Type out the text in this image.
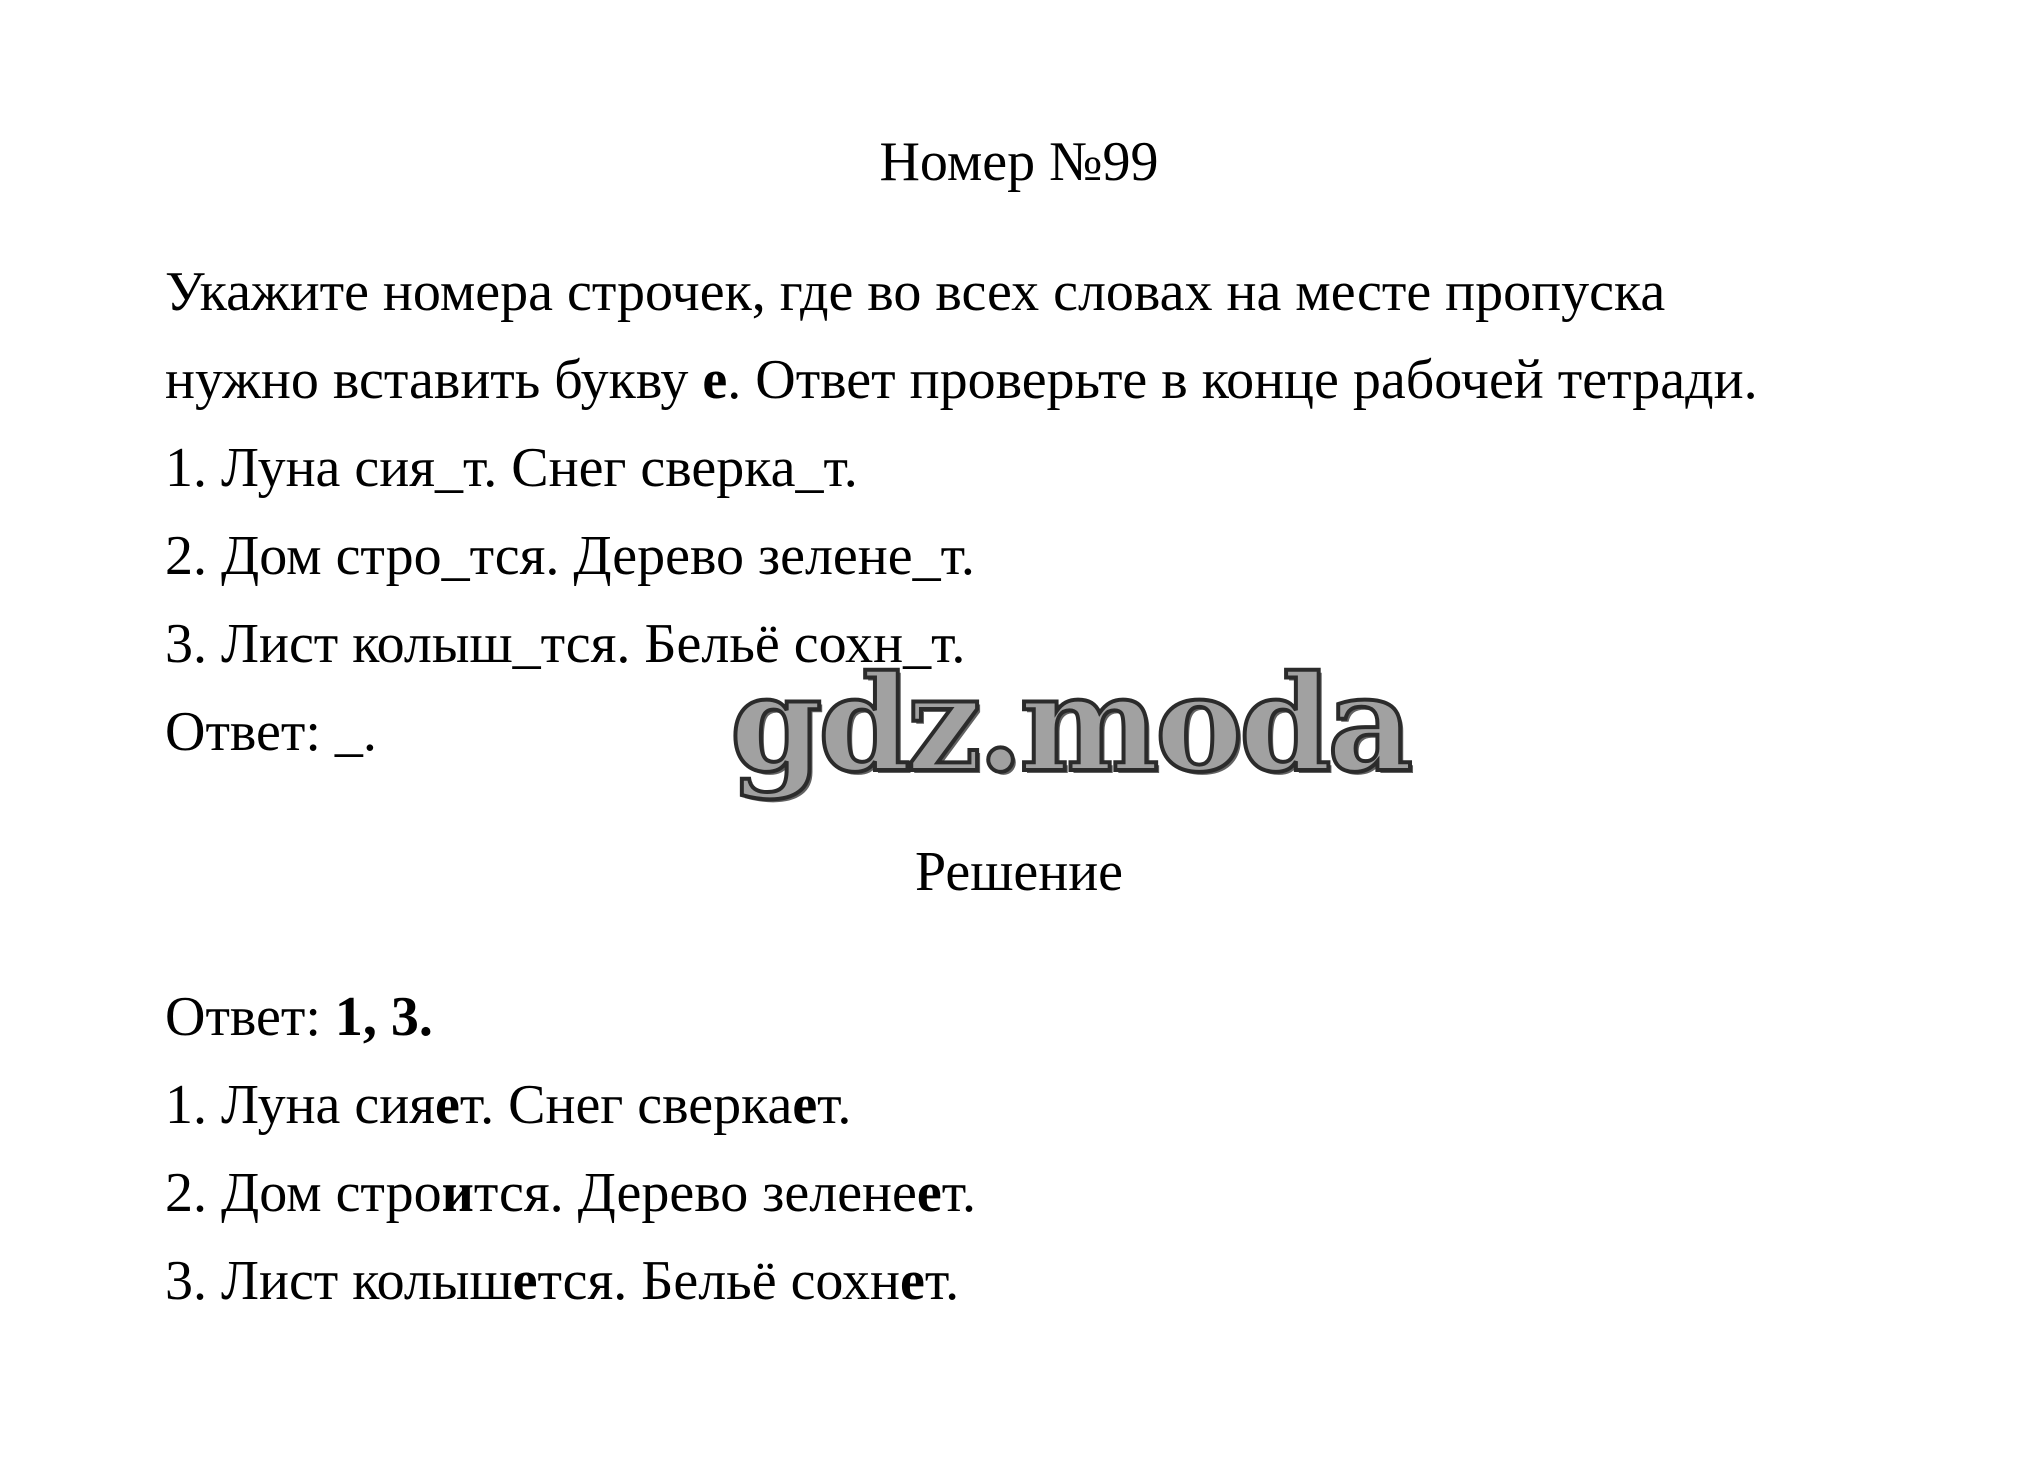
Номер №99
Укажите номера строчек, где во всех словах на месте пропуска
нужно вставить букву е. Ответ проверьте в конце рабочей тетради.
1. Луна сия_т. Снег сверка_т.
2. Дом стро_тся. Дерево зелене_т.
3. Лист колыш_тся. Бельё сохн_т.
Ответ: _.	gdz.moda
Решение
Ответ: 1, 3.
1. Луна сияет. Снег сверкает.
2. Дом строится. Дерево зеленеет.
3. Лист колышется. Бельё сохнет.
